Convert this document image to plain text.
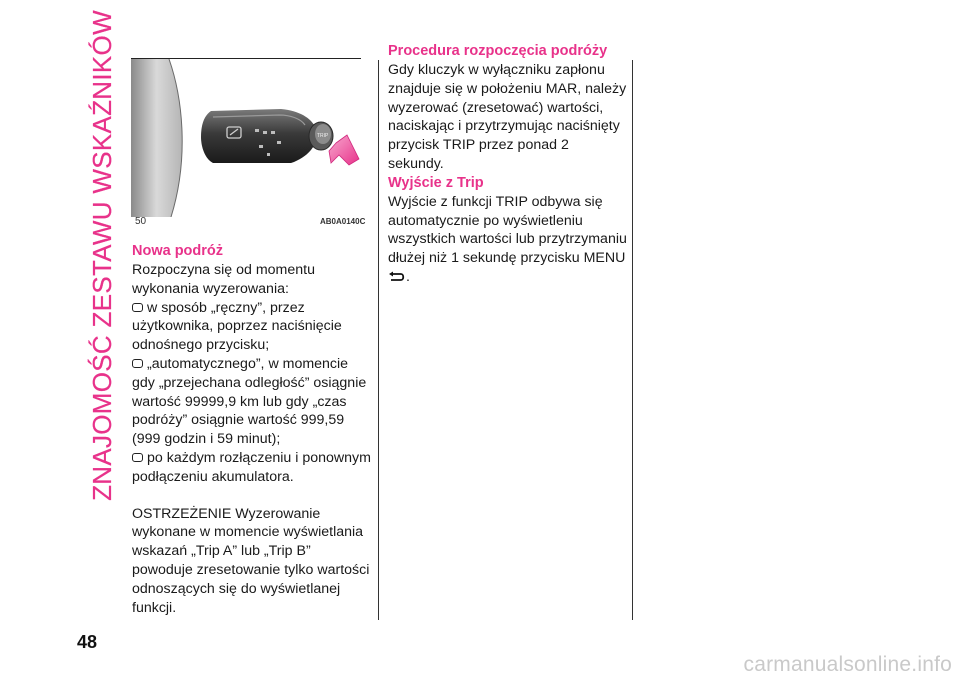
ZNAJOMOŚĆ ZESTAWU WSKAŹNIKÓW	TRIP
50	AB0A0140C
Nowa podróż

Rozpoczyna się od momentu wykonania wyzerowania:

w sposób „ręczny”, przez użytkownika, poprzez naciśnięcie odnośnego przycisku;

„automatycznego”, w momencie gdy „przejechana odległość” osiągnie wartość 99999,9 km lub gdy „czas podróży” osiągnie wartość 999,59 (999 godzin i 59 minut);

po każdym rozłączeniu i ponownym podłączeniu akumulatora.

OSTRZEŻENIE Wyzerowanie wykonane w momencie wyświetlania wskazań „Trip A” lub „Trip B” powoduje zresetowanie tylko wartości odnoszących się do wyświetlanej funkcji.

Procedura rozpoczęcia podróży

Gdy kluczyk w wyłączniku zapłonu znajduje się w położeniu MAR, należy wyzerować (zresetować) wartości, naciskając i przytrzymując naciśnięty przycisk TRIP przez ponad 2 sekundy.

Wyjście z Trip

Wyjście z funkcji TRIP odbywa się automatycznie po wyświetleniu wszystkich wartości lub przytrzymaniu dłużej niż 1 sekundę przycisku MENU
.

48
carmanualsonline.info
